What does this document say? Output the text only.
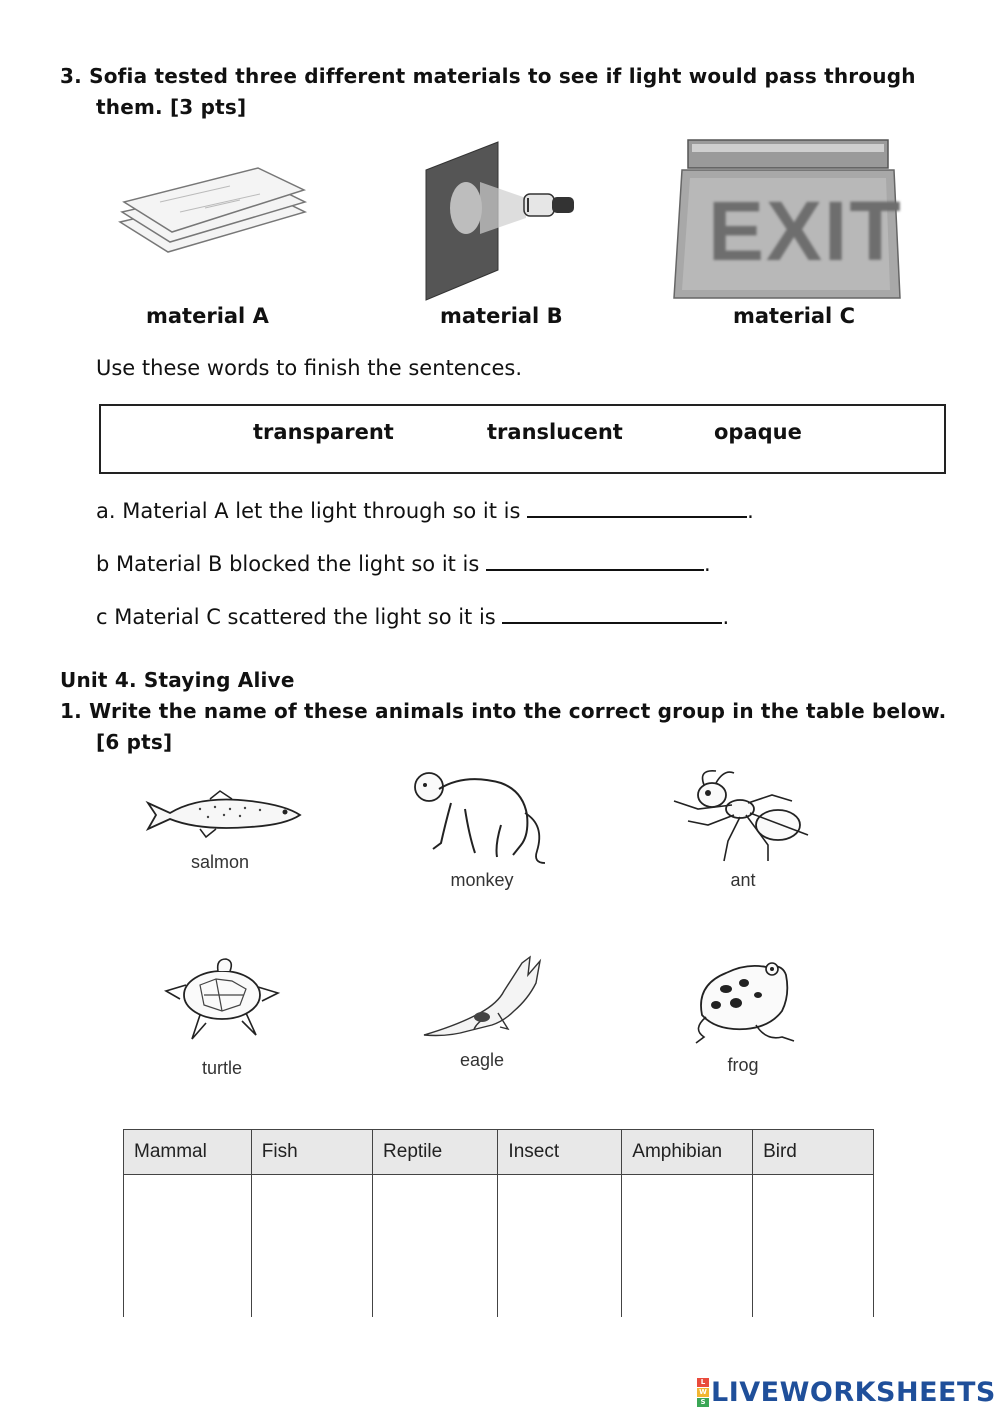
3. Sofia tested three different materials to see if light would pass through
them. [3 pts]
EXIT
material A	material B	material C
Use these words to finish the sentences.
transparent	translucent	opaque
a. Material A let the light through so it is	.
b Material B blocked the light so it is	.
c Material C scattered the light so it is	.
Unit 4. Staying Alive
1. Write the name of these animals into the correct group in the table below.
[6 pts]
salmon
monkey	ant
turtle	eagle	frog
Mammal	Fish	Reptile	Insect	Amphibian	Bird

L
W
S LIVEWORKSHEETS
